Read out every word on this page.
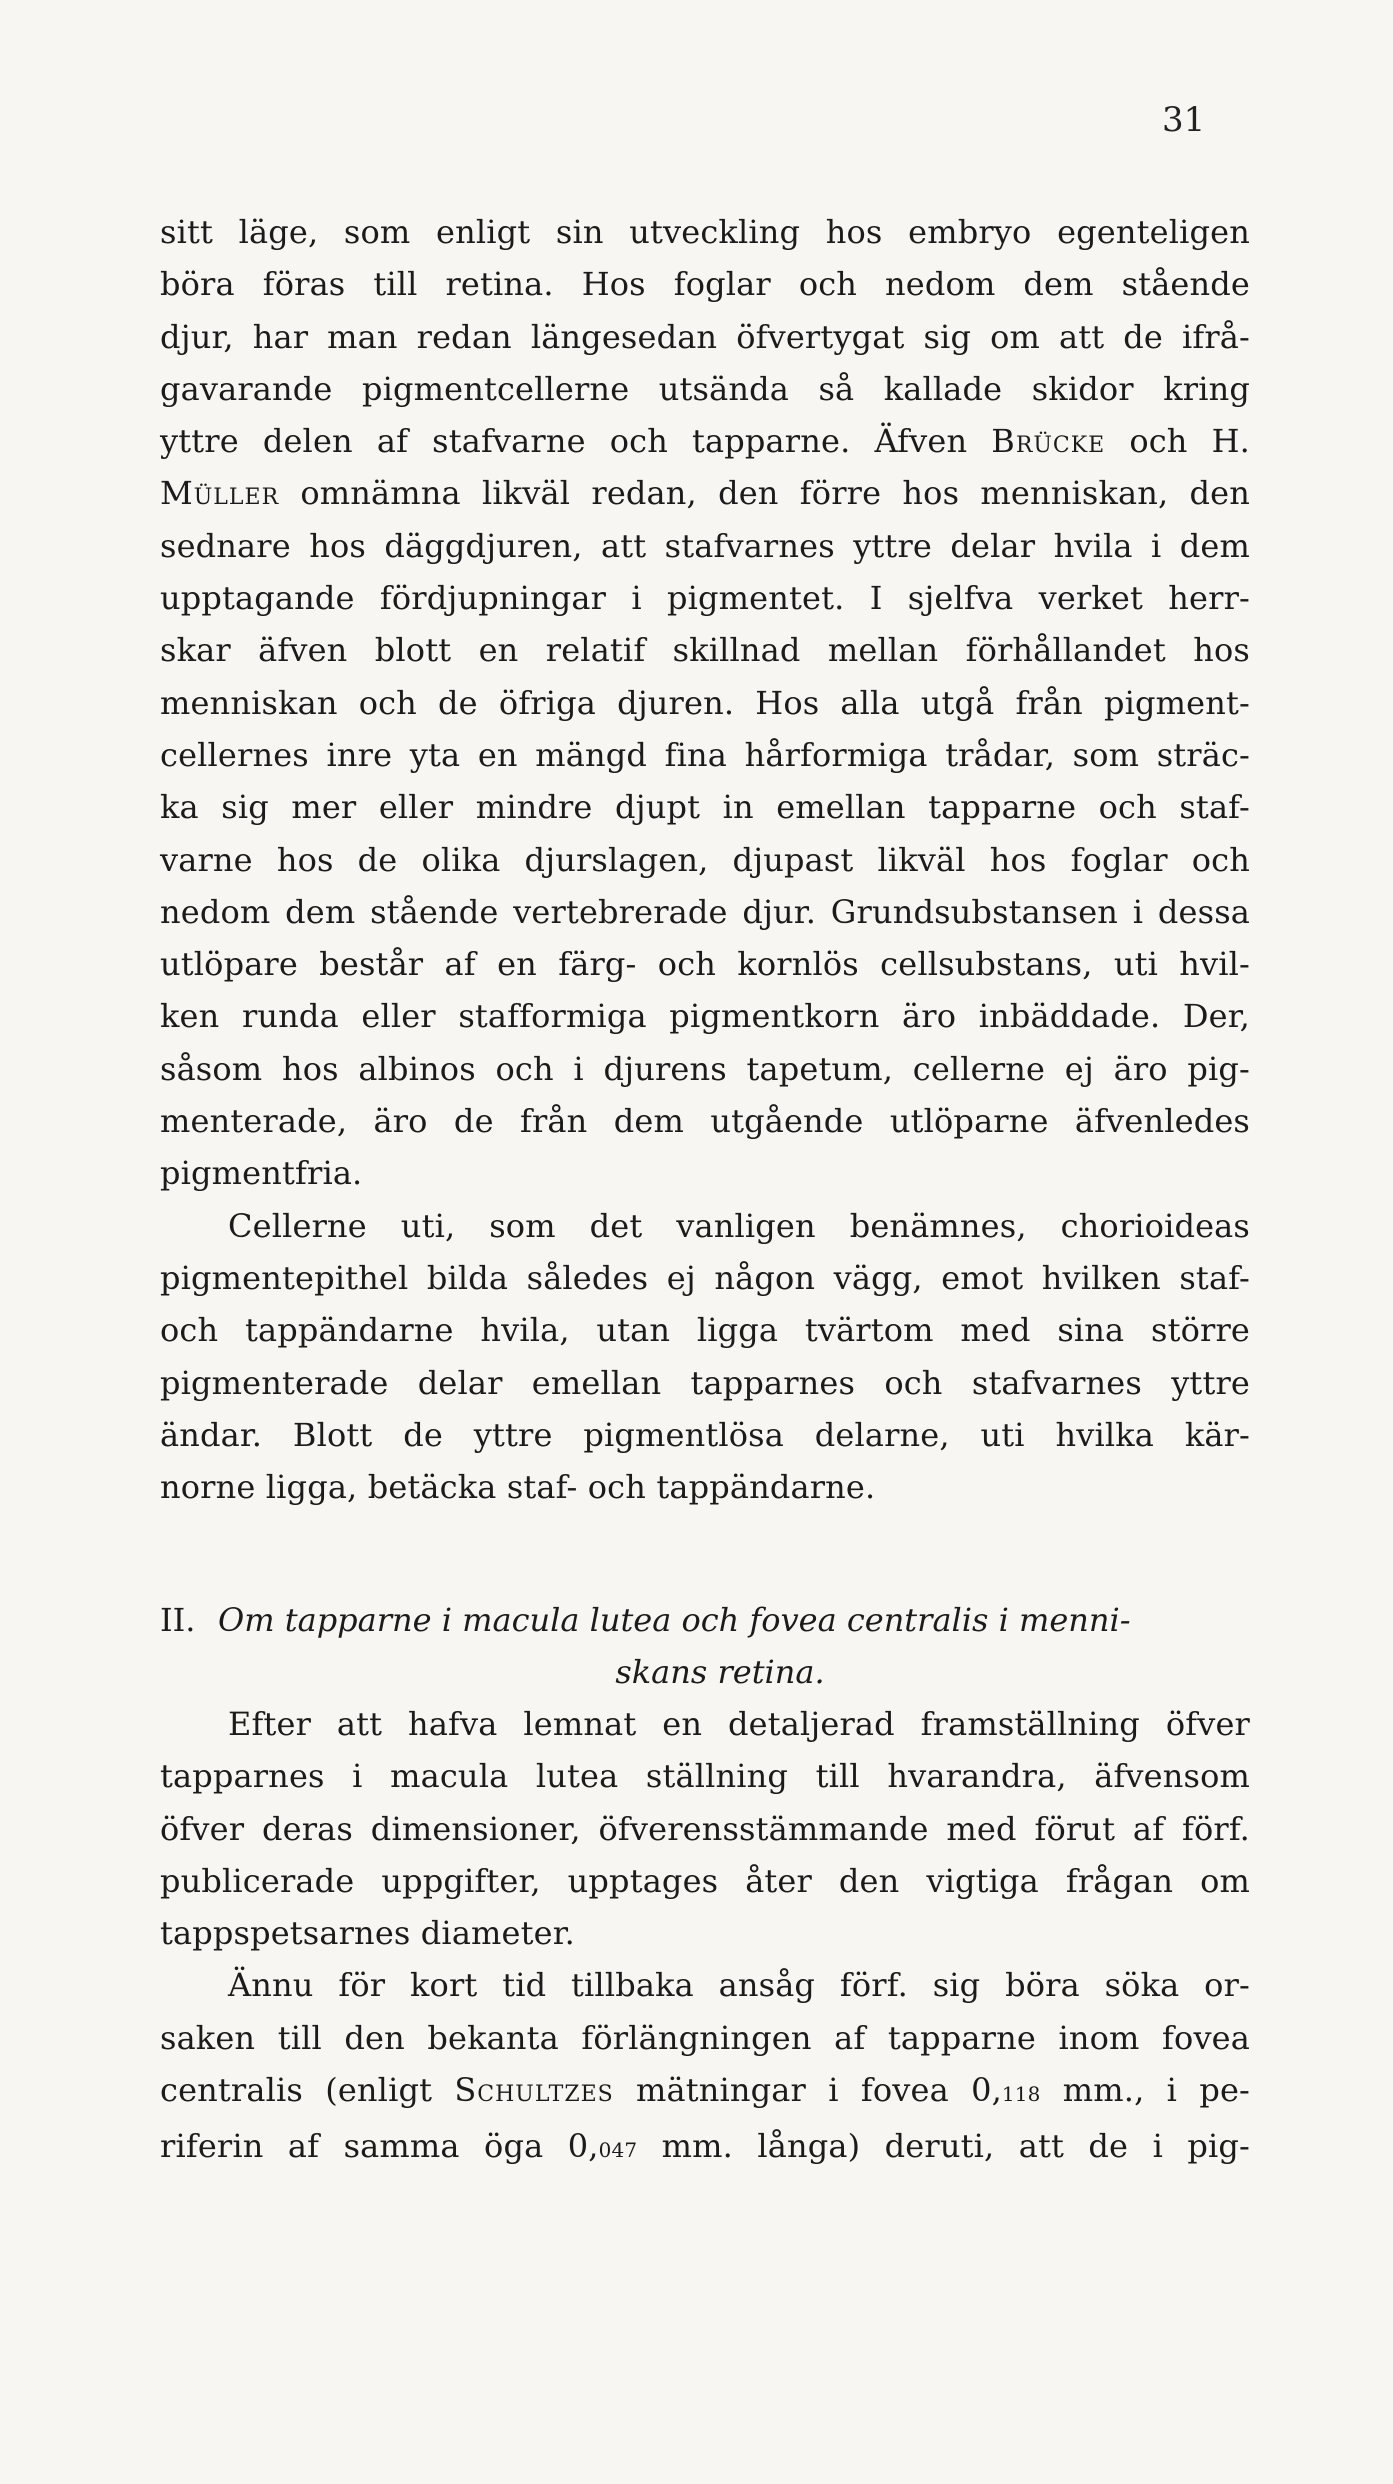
31
sitt läge, som enligt sin utveckling hos embryo egenteligen
böra föras till retina. Hos foglar och nedom dem stående
djur, har man redan längesedan öfvertygat sig om att de ifrå-
gavarande pigmentcellerne utsända så kallade skidor kring
yttre delen af stafvarne och tapparne. Äfven Brücke och H.
Müller omnämna likväl redan, den förre hos menniskan, den
sednare hos däggdjuren, att stafvarnes yttre delar hvila i dem
upptagande fördjupningar i pigmentet. I sjelfva verket herr-
skar äfven blott en relatif skillnad mellan förhållandet hos
menniskan och de öfriga djuren. Hos alla utgå från pigment-
cellernes inre yta en mängd fina hårformiga trådar, som sträc-
ka sig mer eller mindre djupt in emellan tapparne och staf-
varne hos de olika djurslagen, djupast likväl hos foglar och
nedom dem stående vertebrerade djur. Grundsubstansen i dessa
utlöpare består af en färg- och kornlös cellsubstans, uti hvil-
ken runda eller stafformiga pigmentkorn äro inbäddade. Der,
såsom hos albinos och i djurens tapetum, cellerne ej äro pig-
menterade, äro de från dem utgående utlöparne äfvenledes
pigmentfria.
Cellerne uti, som det vanligen benämnes, chorioideas
pigmentepithel bilda således ej någon vägg, emot hvilken staf-
och tappändarne hvila, utan ligga tvärtom med sina större
pigmenterade delar emellan tapparnes och stafvarnes yttre
ändar. Blott de yttre pigmentlösa delarne, uti hvilka kär-
norne ligga, betäcka staf- och tappändarne.
II. Om tapparne i macula lutea och fovea centralis i menni-
skans retina.
Efter att hafva lemnat en detaljerad framställning öfver
tapparnes i macula lutea ställning till hvarandra, äfvensom
öfver deras dimensioner, öfverensstämmande med förut af förf.
publicerade uppgifter, upptages åter den vigtiga frågan om
tappspetsarnes diameter.
Ännu för kort tid tillbaka ansåg förf. sig böra söka or-
saken till den bekanta förlängningen af tapparne inom fovea
centralis (enligt Schultzes mätningar i fovea 0,118 mm., i pe-
riferin af samma öga 0,047 mm. långa) deruti, att de i pig-
